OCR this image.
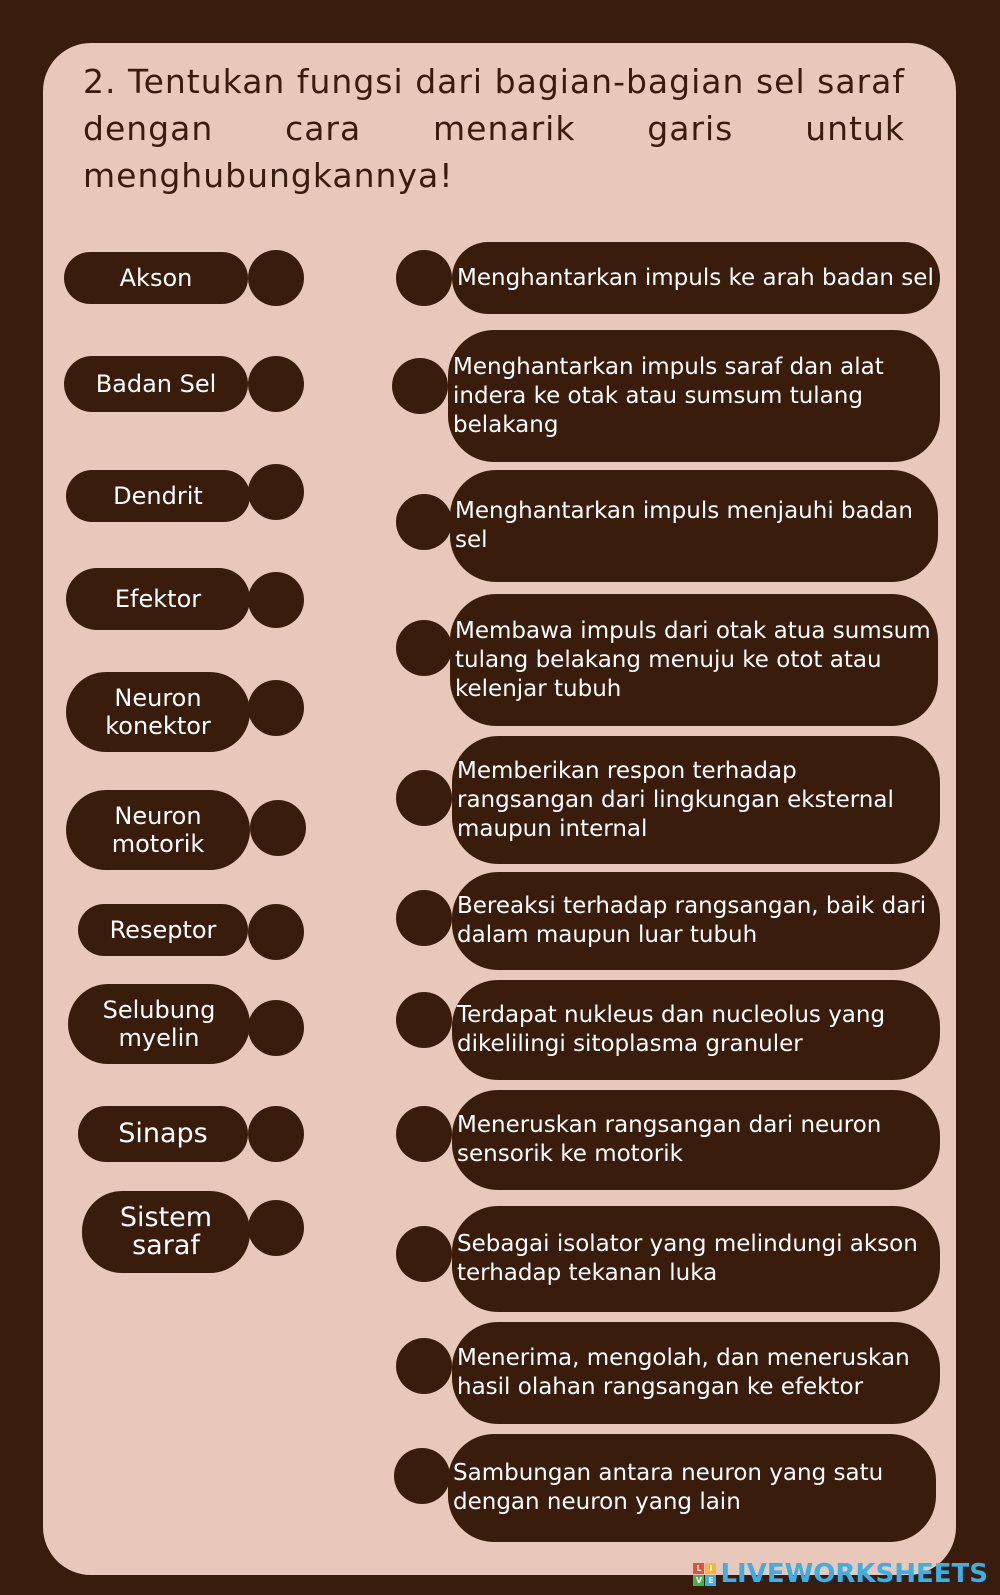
2. Tentukan fungsi dari bagian-bagian sel saraf dengan cara menarik garis untuk menghubungkannya!

Akson
Badan Sel
Dendrit
Efektor
Neuron konektor
Neuron motorik
Reseptor
Selubung myelin
Sinaps
Sistem saraf
Menghantarkan impuls ke arah badan sel
Menghantarkan impuls saraf dan alat indera ke otak atau sumsum tulang belakang
Menghantarkan impuls menjauhi badan sel
Membawa impuls dari otak atua sumsum tulang belakang menuju ke otot atau kelenjar tubuh
Memberikan respon terhadap rangsangan dari lingkungan eksternal maupun internal
Bereaksi terhadap rangsangan, baik dari dalam maupun luar tubuh
Terdapat nukleus dan nucleolus yang dikelilingi sitoplasma granuler
Meneruskan rangsangan dari neuron sensorik ke motorik
Sebagai isolator yang melindungi akson terhadap tekanan luka
Menerima, mengolah, dan meneruskan hasil olahan rangsangan ke efektor
Sambungan antara neuron yang satu dengan neuron yang lain
L I
V E LIVEWORKSHEETS
